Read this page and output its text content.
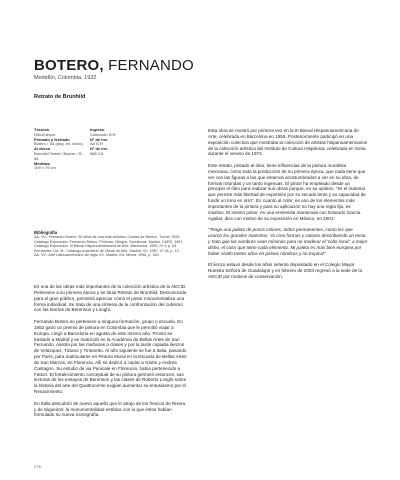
BOTERO, FERNANDO
Medellín, Colombia, 1932
Retrato de Brunhild
Técnica
Óleo/Lienzo
Firmado y fechado
Botero / '54 (ang. inf. dcha.)
Al dorso
Brunhild Teleal / Botero / R-54
Medidas
109 x 79 cm
Ingreso
Colección ICH
Nº de inv.
Ad ICH
Nº de inv.
986 CA
Bibliografía
AA. VV.: Fernando Botero. 50 años de una vida artística. Ciudad de México, Turner, 2001.
Catálogo Exposición. Fernando Botero. Pinturas, Dibujos, Esculturas. Madrid, CARS, 1987.
Catálogo Exposición. III Bienal Hispanoamericana de Arte. Barcelona, 1955, nº 4, p. 63.
Fernández Cid, M.: Catálogo-Inventario de Obras de Arte. Madrid: ICI, 1987, nº 18, p. 12.
AA. VV.: Arte Latinoamericano del siglo XX. Madrid, Ed. Nerea, 1996, p. 169.

Es una de las obras más importantes de la colección artística de la AECID. Pertenece a su primera época y se titula Retrato de Brunhild. Desconocida para el gran público, permitirá apreciar cómo el pintor monumentaliza una forma individual. Se trata de una síntesis de la confrontación del cubismo con las teorías de Berenson y Longhi.

Fernando Botero no pertenece a ninguna formación, grupo o escuela. En 1952 ganó un premio de pintura en Colombia que le permitió viajar a Europa. Llegó a Barcelona en agosto de este mismo año. Pronto se trasladó a Madrid y se matriculó en la Academia de Bellas Artes de San Fernando. Asistía por las mañanas a clases y por la tarde copiaba lienzos de Velázquez, Tiziano y Tintoretto. Al año siguiente se fue a Italia, pasando por París, para matricularse en Pintura Mural en la Escuela de Bellas Artes de San Marcos, en Florencia. Allí se dedicó a copiar a Giotto y Andrea Castagno. Su estudio de via Panicale en Florencia, había pertenecido a Fattori. El fortalecimiento conceptual de su pintura germinó entonces, sus lecturas de los ensayos de Berenson y las clases de Roberto Longhi sobre la historia del arte del Quattrocento exigían aumentar su entusiasmo por el Renacimiento.

En Italia descubrió de nuevo aquello que le atrajo de los frescos de Rivera y de Siqueiros: la monumentalidad estética con la que éstos habían formulado su nueva iconografía.

Esta obra se mostró por primera vez en la III Bienal Hispanoamericana de Arte, celebrada en Barcelona en 1955. Posteriormente participó en una exposición colectiva que mostraba la colección de artistas hispanoamericanos de la colección artística del Instituto de Cultura Hispánica, celebrada en Soria durante el verano de 1972.

Este retrato, pintado al óleo, tiene influencias de la pintura muralista mexicana, como toda la producción de su primera época, que nada tiene que ver con las figuras a las que estamos acostumbrados a ver en su obra, de formas rotundas y un tanto ingenuas. El pintor ha empleado desde un principio el óleo para realizar sus obras porque, en su opinión, "es el material que permite más libertad de expresión por su secado lento y su capacidad de fundir un tono en otro". En cuanto al color, es uno de los elementos más importantes de la pintura y para su aplicación no hay una regla fija, es intuitivo. El mismo pintor, en una entrevista mantenida con Eduardo García Aguilar, dice con motivo de su exposición en México, en 2001:

"Tengo una paleta de pocos colores, todos permanentes, como los que usaron los grandes maestros. Yo creo formas y colores describiendo un tema y trato que las sombras sean mínimas para no moderar el 'color local', a mejor dicho, el color que tiene cada elemento. Mi paleta es más bien europea por haber vivido tantos años en países nórdicos y no tropical".

El lienzo estuvo desde los años setenta depositado en el Colegio Mayor Nuestra Señora de Guadalupe y en febrero de 2004 regresó a la sede de la AECID por motivos de conservación.

276 ·
